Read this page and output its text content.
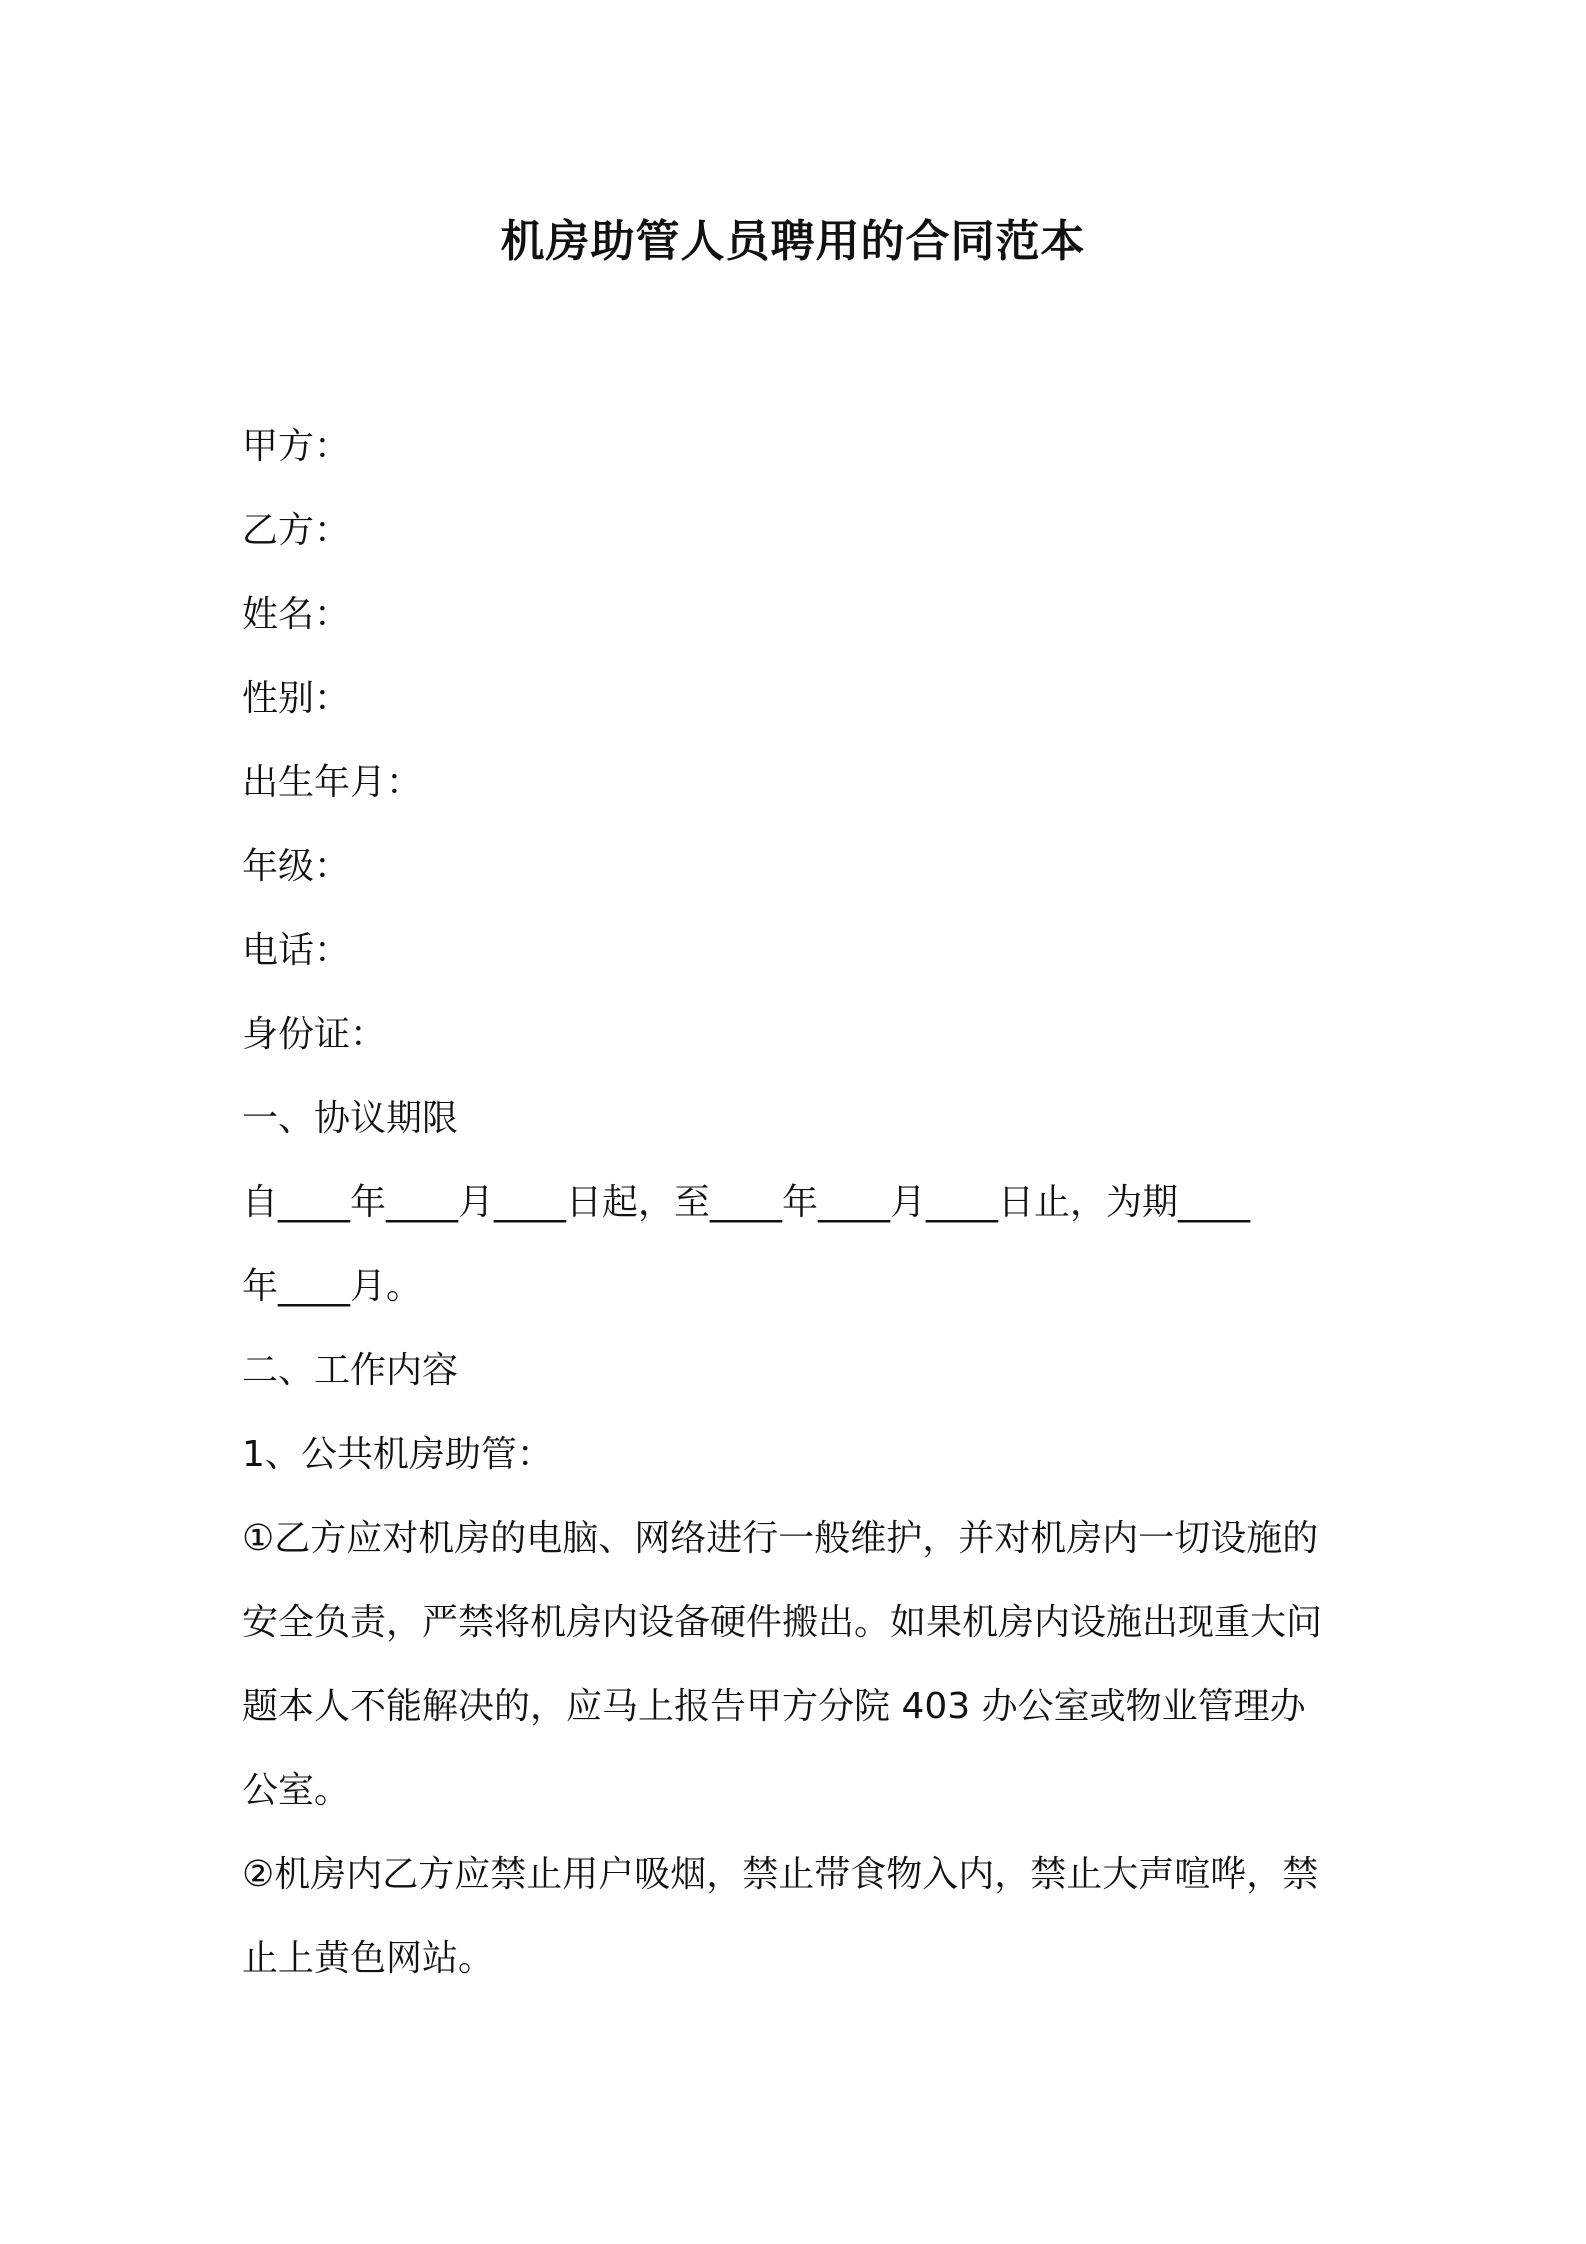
机房助管人员聘用的合同范本
甲方：
乙方：
姓名：
性别：
出生年月：
年级：
电话：
身份证：
一、协议期限
自____年____月____日起，至____年____月____日止，为期____
年____月。
二、工作内容
1、公共机房助管：
①乙方应对机房的电脑、网络进行一般维护，并对机房内一切设施的
安全负责，严禁将机房内设备硬件搬出。如果机房内设施出现重大问
题本人不能解决的，应马上报告甲方分院 403 办公室或物业管理办
公室。
②机房内乙方应禁止用户吸烟，禁止带食物入内，禁止大声喧哗，禁
止上黄色网站。
